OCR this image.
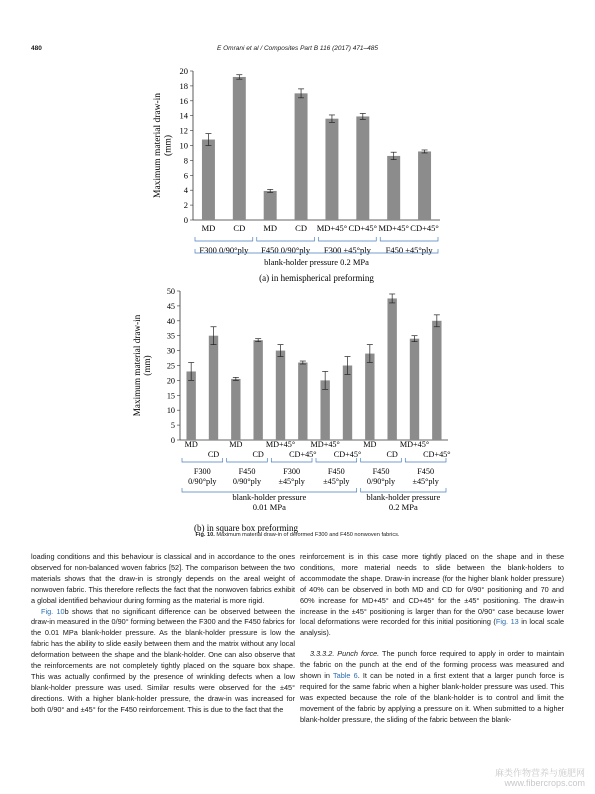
480	E Omrani et al / Composites Part B 116 (2017) 471–485
0
2
4
6
8
10
12
14
16
18
20
Maximum material draw-in(mm)
MD CD MD CD MD+45° CD+45° MD+45° CD+45°
F300 0/90°ply F450 0/90°ply F300 ±45°ply F450 ±45°ply
blank-holder pressure 0.2 MPa
(a) in hemispherical preforming
0
5
10
15
20
25
30
35
40
45
50
Maximum material draw-in(mm)
MD
CD
MD
CD
MD+45°
CD+45°
MD+45°
CD+45°
MD
CD
MD+45°
CD+45°
F300
0/90°ply
F450
0/90°ply
F300
±45°ply
F450
±45°ply
F450
0/90°ply
F450
±45°ply
blank-holder pressure
0.01 MPa
blank-holder pressure
0.2 MPa
(b) in square box preforming
Fig. 10. Maximum material draw-in of deformed F300 and F450 nonwoven fabrics.

loading conditions and this behaviour is classical and in accordance to the ones observed for non-balanced woven fabrics [52]. The comparison between the two materials shows that the draw-in is strongly depends on the areal weight of nonwoven fabric. This therefore reflects the fact that the nonwoven fabrics exhibit a global identified behaviour during forming as the material is more rigid.

Fig. 10b shows that no significant difference can be observed between the draw-in measured in the 0/90° forming between the F300 and the F450 fabrics for the 0.01 MPa blank-holder pressure. As the blank-holder pressure is low the fabric has the ability to slide easily between them and the matrix without any local deformation between the shape and the blank-holder. One can also observe that the reinforcements are not completely tightly placed on the square box shape. This was actually confirmed by the presence of wrinkling defects when a low blank-holder pressure was used. Similar results were observed for the ±45° directions. With a higher blank-holder pressure, the draw-in was increased for both 0/90° and ±45° for the F450 reinforcement. This is due to the fact that the

reinforcement is in this case more tightly placed on the shape and in these conditions, more material needs to slide between the blank-holders to accommodate the shape. Draw-in increase (for the higher blank holder pressure) of 40% can be observed in both MD and CD for 0/90° positioning and 70 and 60% increase for MD+45° and CD+45° for the ±45° positioning. The draw-in increase in the ±45° positioning is larger than for the 0/90° case because lower local deformations were recorded for this initial positioning (Fig. 13 in local scale analysis).

3.3.3.2. Punch force. The punch force required to apply in order to maintain the fabric on the punch at the end of the forming process was measured and shown in Table 6. It can be noted in a first extent that a larger punch force is required for the same fabric when a higher blank-holder pressure was used. This was expected because the role of the blank-holder is to control and limit the movement of the fabric by applying a pressure on it. When submitted to a higher blank-holder pressure, the sliding of the fabric between the blank-

麻类作物营养与施肥网
www.fibercrops.com
